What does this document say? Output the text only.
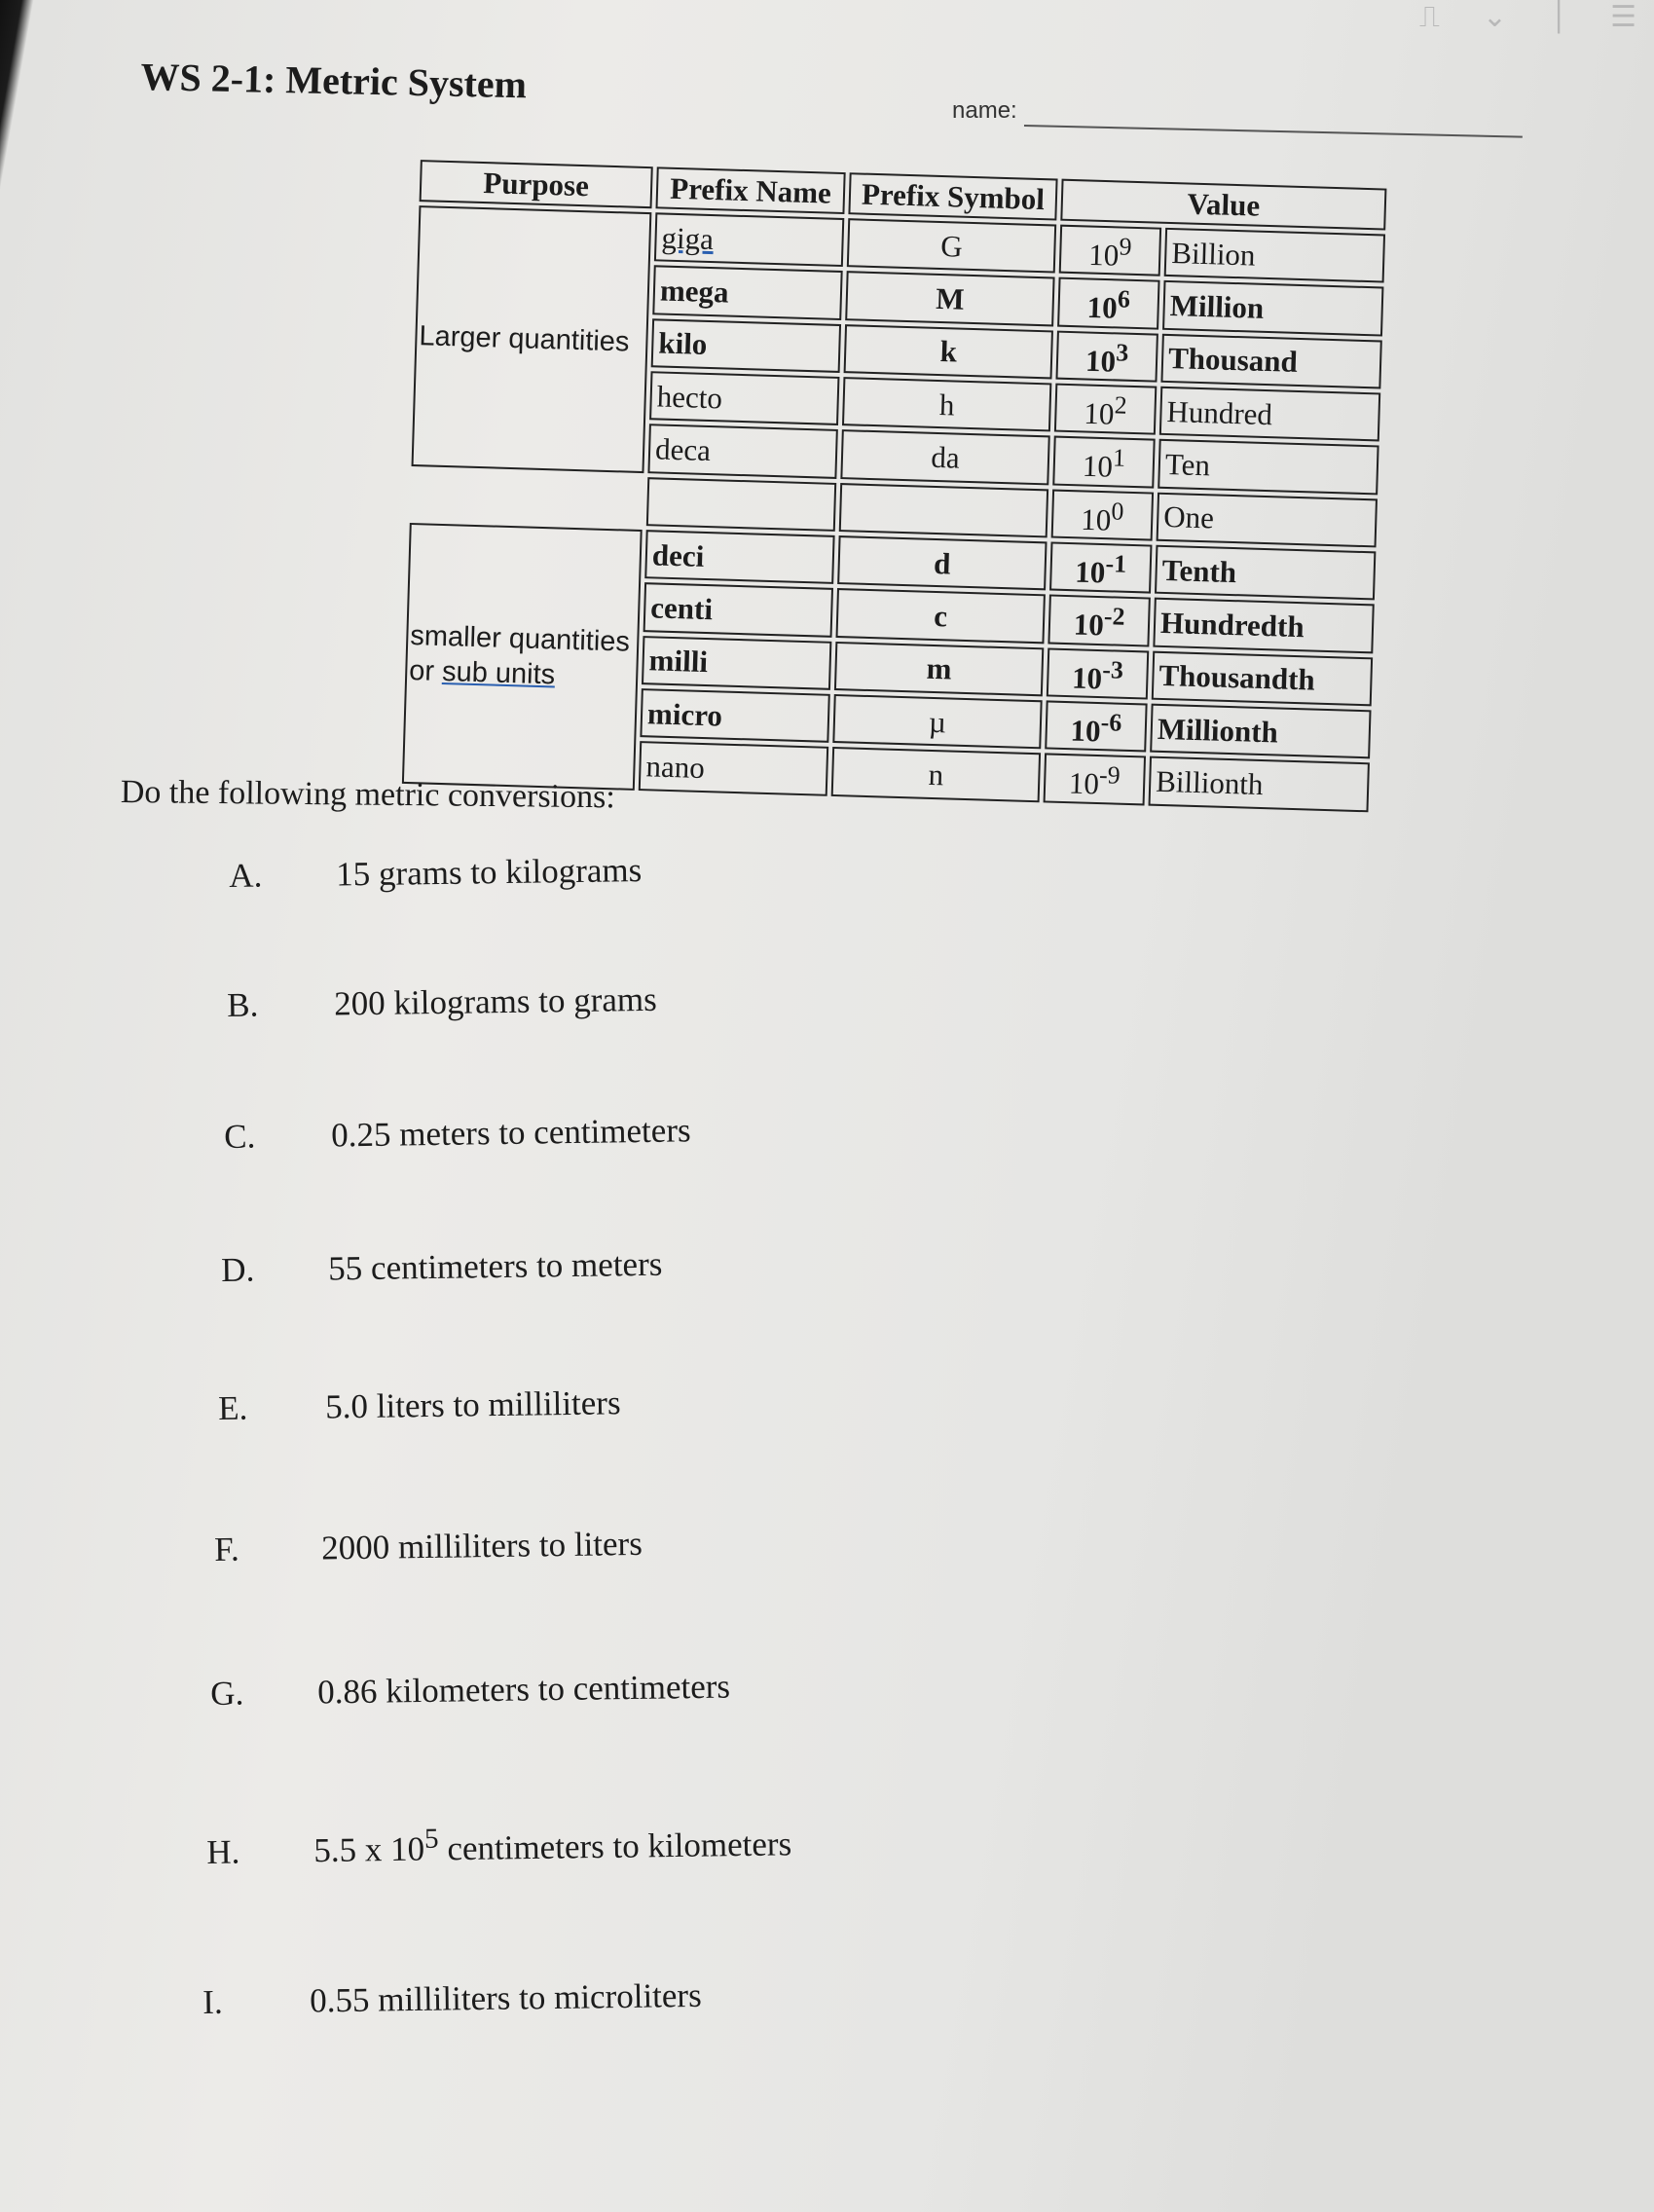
⎍ ⌄ │ ☰
WS 2-1: Metric System
name:
Purpose	Prefix Name	Prefix Symbol	Value	
Larger quantities	giga	G	$10^9$	Billion
	mega	M	$10^6$	Million
	kilo	k	$10^3$	Thousand
	hecto	h	$10^2$	Hundred
	deca	da	$10^1$	Ten
			$10^0$	One
smaller quantities
or sub units	deci	d	$10^{-1}$	Tenth
	centi	c	$10^{-2}$	Hundredth
	milli	m	$10^{-3}$	Thousandth
	micro	µ	$10^{-6}$	Millionth
	nano	n	$10^{-9}$	Billionth
Do the following metric conversions:
A. 15 grams to kilograms
B. 200 kilograms to grams
C. 0.25 meters to centimeters
D. 55 centimeters to meters
E. 5.0 liters to milliliters
F. 2000 milliliters to liters
G. 0.86 kilometers to centimeters
H. 5.5 x $10^5$ centimeters to kilometers
I.	0.55 milliliters to microliters
